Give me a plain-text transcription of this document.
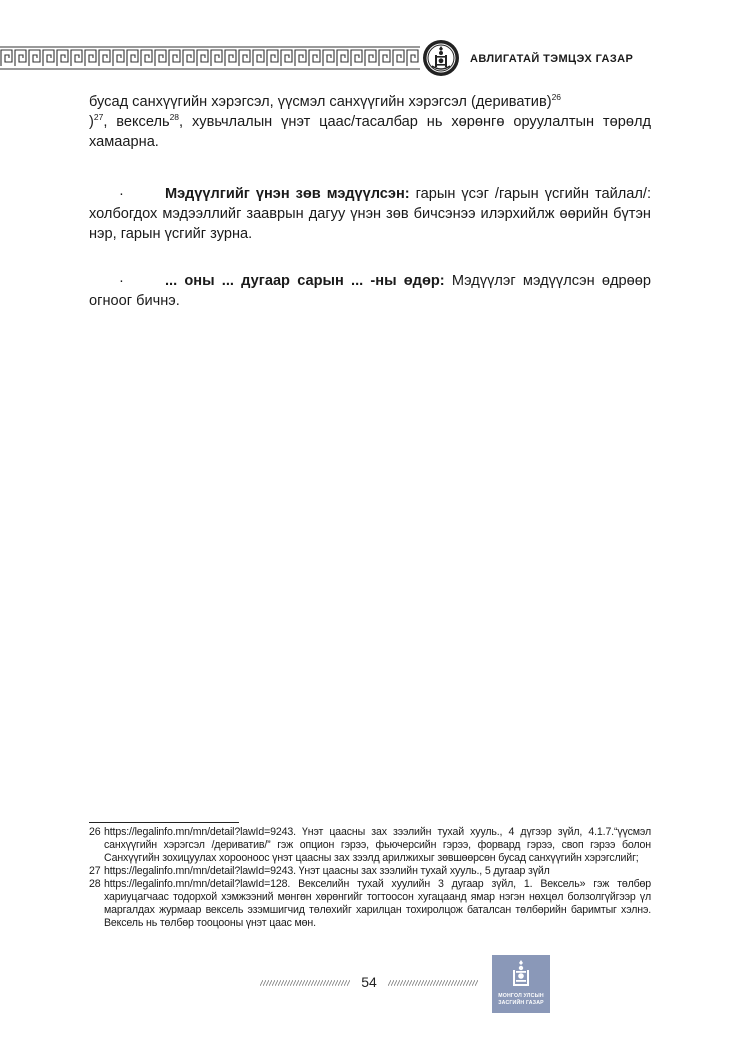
АВЛИГАТАЙ ТЭМЦЭХ ГАЗАР

бусад санхүүгийн хэрэгсэл, үүсмэл санхүүгийн хэрэгсэл (дериватив)$^{26}$
)$^{27}$, вексель$^{28}$, хувьчлалын үнэт цаас/тасалбар нь хөрөнгө оруулалтын төрөлд хамаарна.

·	Мэдүүлгийг үнэн зөв мэдүүлсэн: гарын үсэг /гарын үсгийн тайлал/: холбогдох мэдээллийг зааврын дагуу үнэн зөв бичсэнээ илэрхийлж өөрийн бүтэн нэр, гарын үсгийг зурна.

·	... оны ... дугаар сарын ... -ны өдөр: Мэдүүлэг мэдүүлсэн өдрөөр огноог бичнэ.

26 https://legalinfo.mn/mn/detail?lawId=9243. Үнэт цаасны зах зээлийн тухай хууль., 4 дүгээр зүйл, 4.1.7.“үүсмэл санхүүгийн хэрэгсэл /дериватив/” гэж опцион гэрээ, фьючерсийн гэрээ, форвард гэрээ, своп гэрээ болон Санхүүгийн зохицуулах хорооноос үнэт цаасны зах зээлд арилжихыг зөвшөөрсөн бусад санхүүгийн хэрэгслийг;
27 https://legalinfo.mn/mn/detail?lawId=9243. Үнэт цаасны зах зээлийн тухай хууль., 5 дугаар зүйл
28 https://legalinfo.mn/mn/detail?lawId=128. Векселийн тухай хуулийн 3 дугаар зүйл, 1. Вексель» гэж төлбөр хариуцагчаас тодорхой хэмжээний мөнгөн хөрөнгийг тогтоосон хугацаанд ямар нэгэн нөхцөл болзолгүйгээр үл маргалдах журмаар вексель эзэмшигчид төлөхийг харилцан тохиролцож баталсан төлбөрийн баримтыг хэлнэ. Вексель нь төлбөр тооцооны үнэт цаас мөн.
54
МОНГОЛ УЛСЫН
ЗАСГИЙН ГАЗАР
